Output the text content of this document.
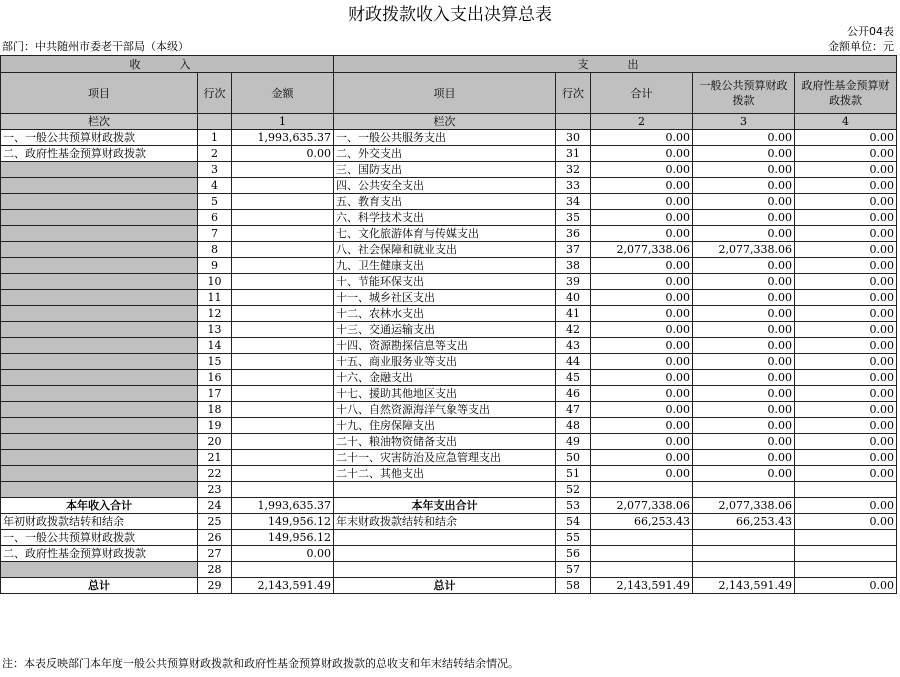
财政拨款收入支出决算总表
公开04表
部门：中共随州市委老干部局（本级）	金额单位：元
收　入			支　出				
项目	行次	金额	项目	行次	合计	一般公共预算财政拨款	政府性基金预算财政拨款
栏次		1	栏次		2	3	4
一、一般公共预算财政拨款	1	1,993,635.37	一、一般公共服务支出	30	0.00	0.00	0.00
二、政府性基金预算财政拨款	2	0.00	二、外交支出	31	0.00	0.00	0.00
	3		三、国防支出	32	0.00	0.00	0.00
	4		四、公共安全支出	33	0.00	0.00	0.00
	5		五、教育支出	34	0.00	0.00	0.00
	6		六、科学技术支出	35	0.00	0.00	0.00
	7		七、文化旅游体育与传媒支出	36	0.00	0.00	0.00
	8		八、社会保障和就业支出	37	2,077,338.06	2,077,338.06	0.00
	9		九、卫生健康支出	38	0.00	0.00	0.00
	10		十、节能环保支出	39	0.00	0.00	0.00
	11		十一、城乡社区支出	40	0.00	0.00	0.00
	12		十二、农林水支出	41	0.00	0.00	0.00
	13		十三、交通运输支出	42	0.00	0.00	0.00
	14		十四、资源勘探信息等支出	43	0.00	0.00	0.00
	15		十五、商业服务业等支出	44	0.00	0.00	0.00
	16		十六、金融支出	45	0.00	0.00	0.00
	17		十七、援助其他地区支出	46	0.00	0.00	0.00
	18		十八、自然资源海洋气象等支出	47	0.00	0.00	0.00
	19		十九、住房保障支出	48	0.00	0.00	0.00
	20		二十、粮油物资储备支出	49	0.00	0.00	0.00
	21		二十一、灾害防治及应急管理支出	50	0.00	0.00	0.00
	22		二十二、其他支出	51	0.00	0.00	0.00
	23			52			
本年收入合计	24	1,993,635.37	本年支出合计	53	2,077,338.06	2,077,338.06	0.00
年初财政拨款结转和结余	25	149,956.12	年末财政拨款结转和结余	54	66,253.43	66,253.43	0.00
一、一般公共预算财政拨款	26	149,956.12		55			
二、政府性基金预算财政拨款	27	0.00		56			
	28			57			
总计	29	2,143,591.49	总计	58	2,143,591.49	2,143,591.49	0.00
注：本表反映部门本年度一般公共预算财政拨款和政府性基金预算财政拨款的总收支和年末结转结余情况。
